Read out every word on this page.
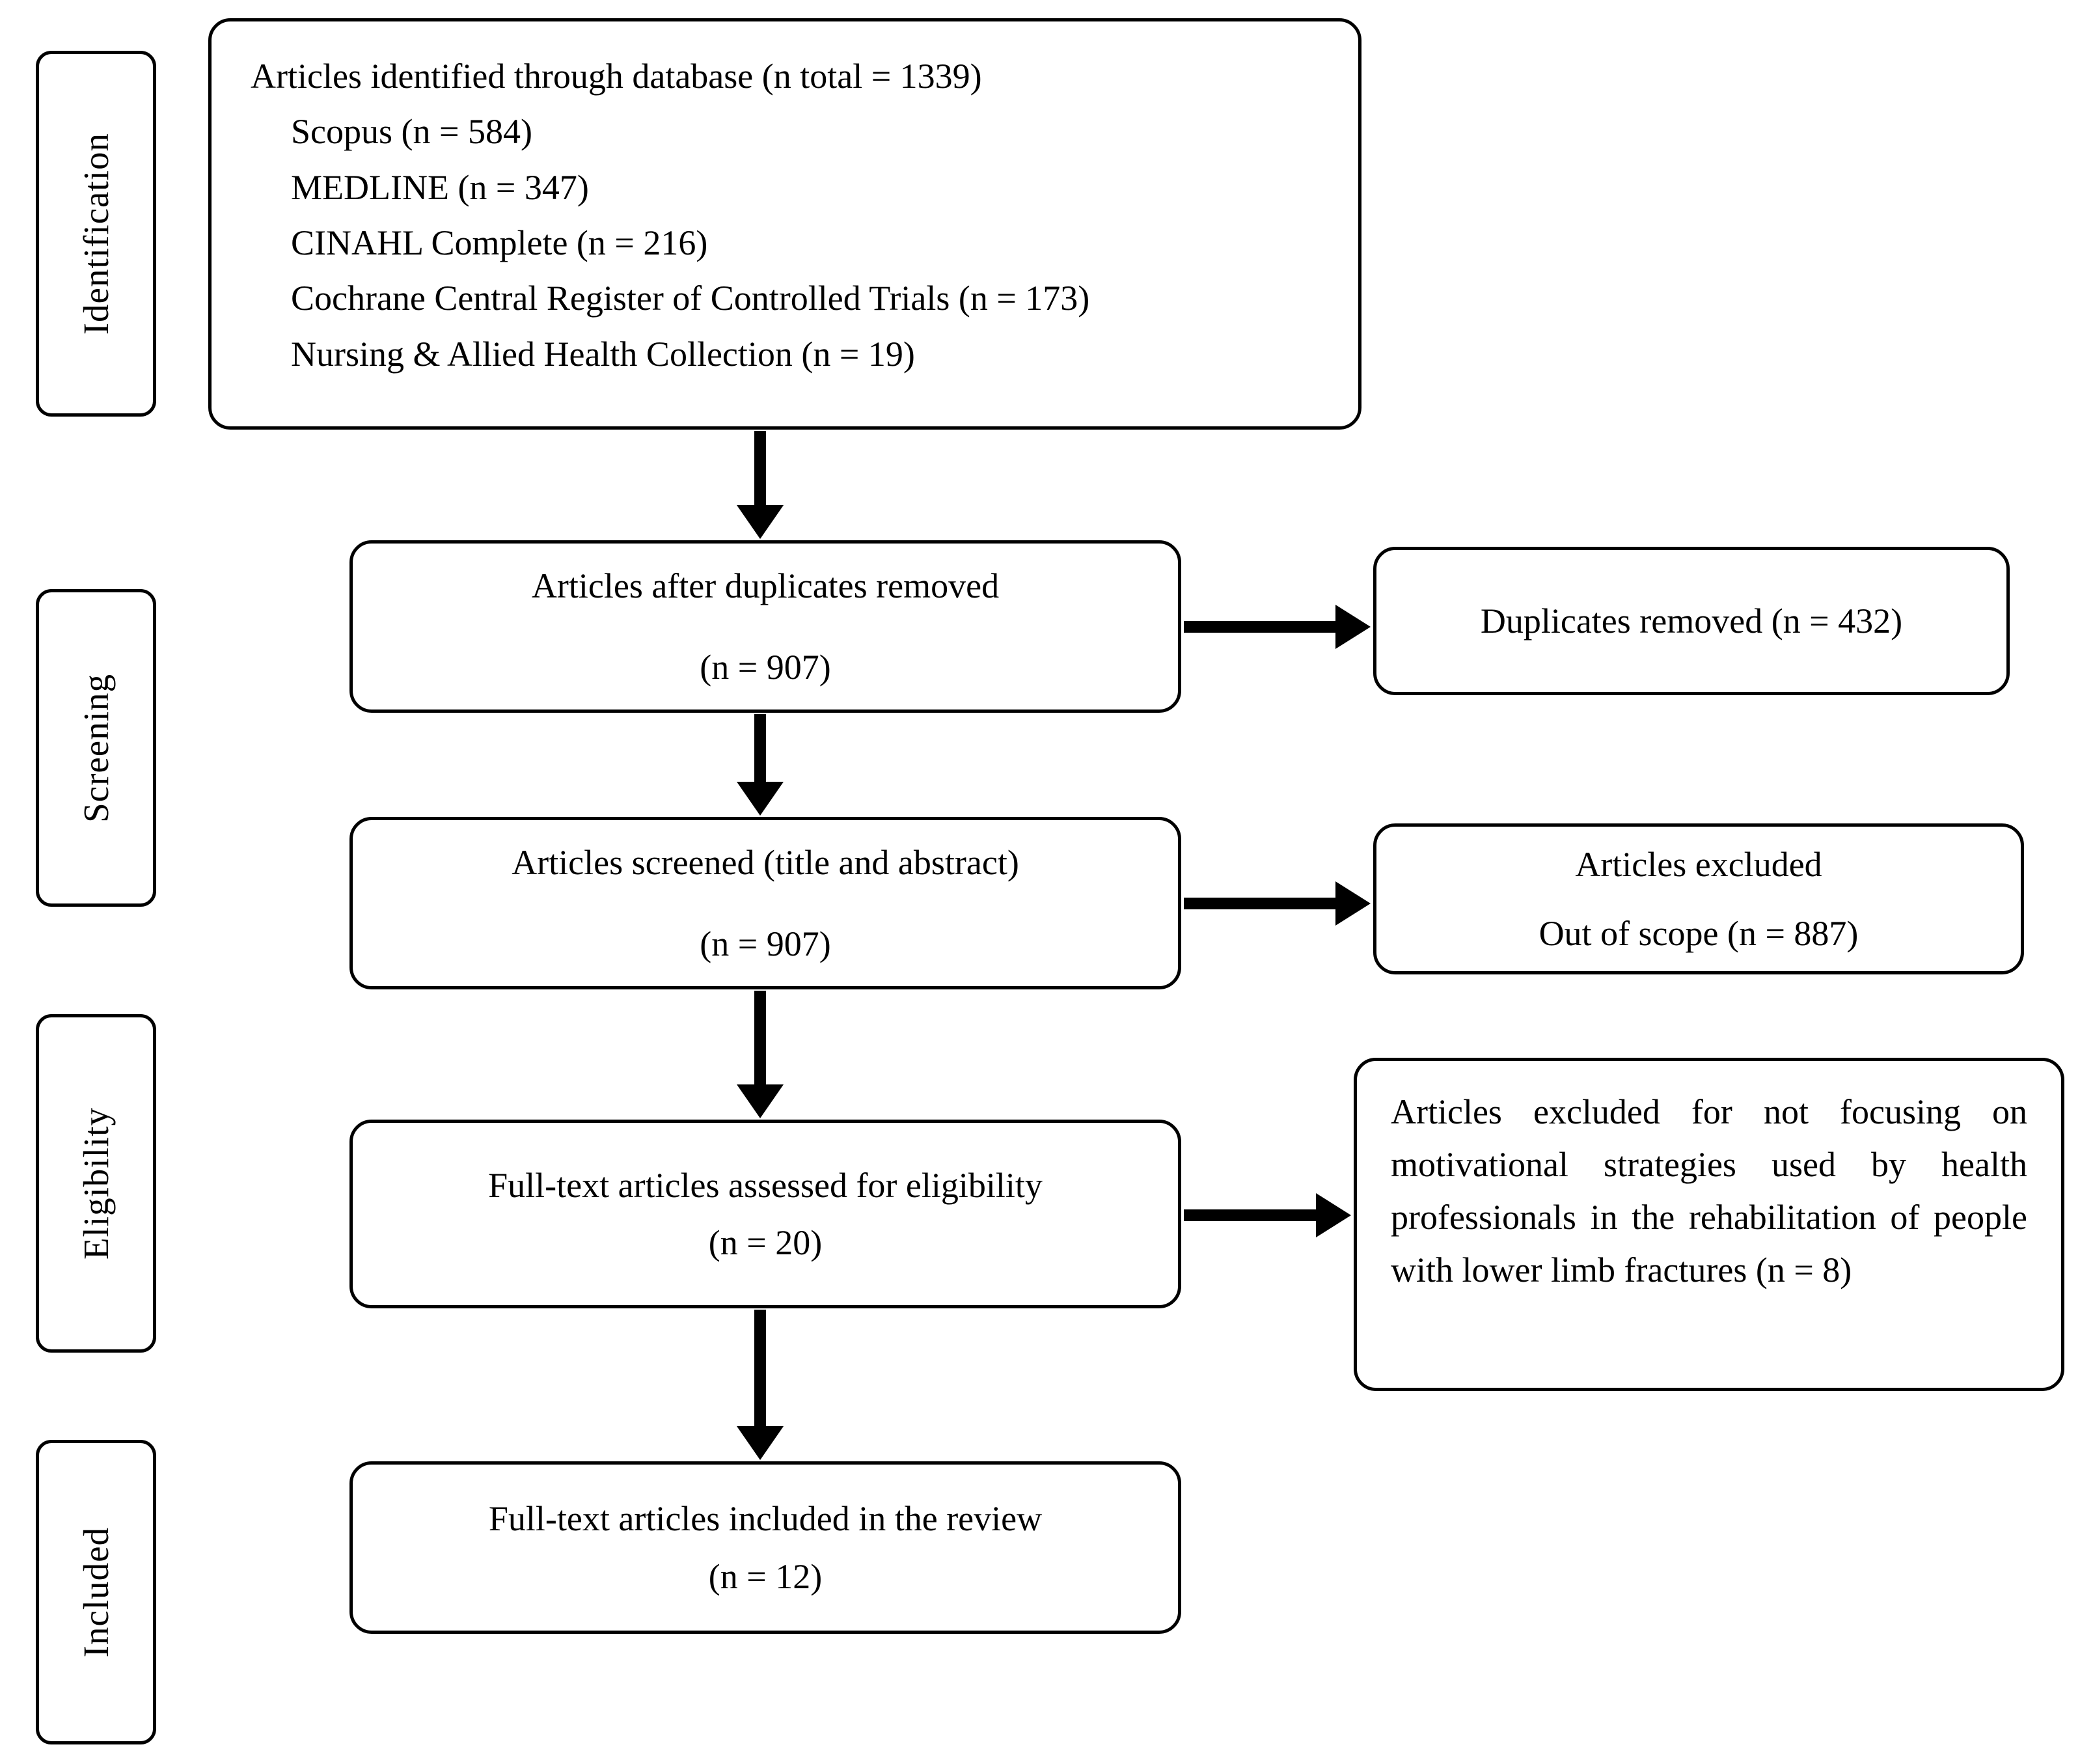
Identification
Screening
Eligibility
Included
Articles identified through database (n total = 1339)
Scopus (n = 584)
MEDLINE (n = 347)
CINAHL Complete (n = 216)
Cochrane Central Register of Controlled Trials (n = 173)
Nursing & Allied Health Collection (n = 19)
Articles after duplicates removed
(n = 907)
Duplicates removed (n = 432)
Articles screened (title and abstract)
(n = 907)
Articles excluded
Out of scope (n = 887)
Full-text articles assessed for eligibility
(n = 20)
Articles excluded for not focusing on motivational strategies used by health professionals in the rehabilitation of people with lower limb fractures (n = 8)
Full-text articles included in the review
(n = 12)
